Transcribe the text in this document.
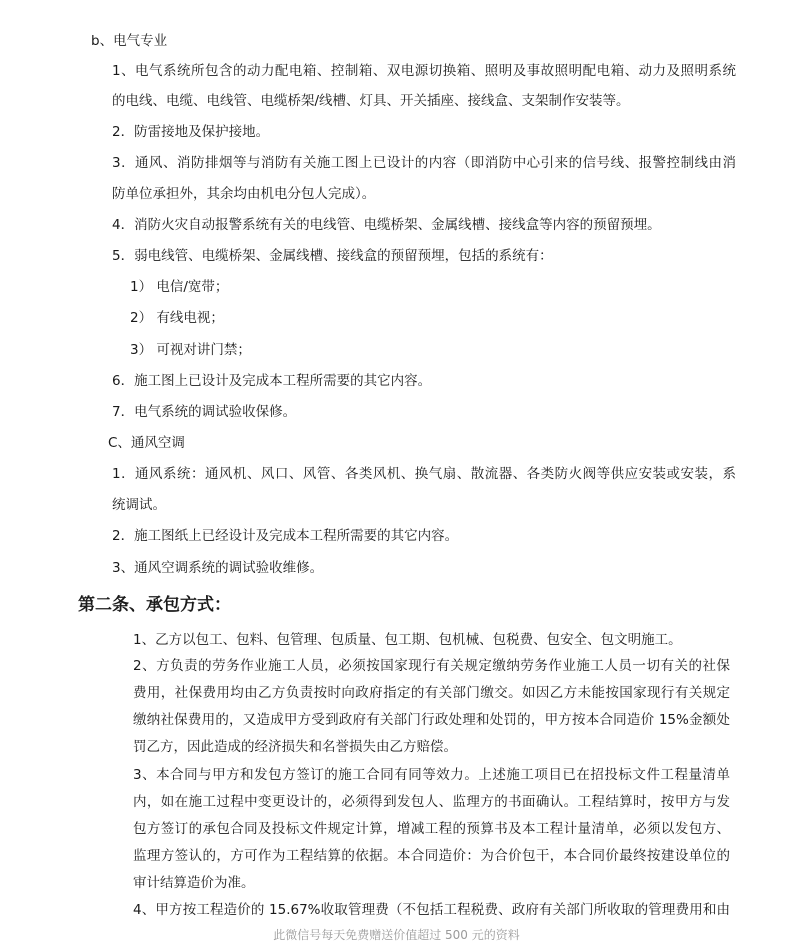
b、电气专业
1、电气系统所包含的动力配电箱、控制箱、双电源切换箱、照明及事故照明配电箱、动力及照明系统
的电线、电缆、电线管、电缆桥架/线槽、灯具、开关插座、接线盒、支架制作安装等。
2．防雷接地及保护接地。
3．通风、消防排烟等与消防有关施工图上已设计的内容（即消防中心引来的信号线、报警控制线由消
防单位承担外，其余均由机电分包人完成）。
4．消防火灾自动报警系统有关的电线管、电缆桥架、金属线槽、接线盒等内容的预留预埋。
5．弱电线管、电缆桥架、金属线槽、接线盒的预留预埋，包括的系统有：
1） 电信/宽带；
2） 有线电视；
3） 可视对讲门禁；
6．施工图上已设计及完成本工程所需要的其它内容。
7．电气系统的调试验收保修。
C、通风空调
1．通风系统：通风机、风口、风管、各类风机、换气扇、散流器、各类防火阀等供应安装或安装，系
统调试。
2．施工图纸上已经设计及完成本工程所需要的其它内容。
3、通风空调系统的调试验收维修。
第二条、承包方式：
1、乙方以包工、包料、包管理、包质量、包工期、包机械、包税费、包安全、包文明施工。
2、方负责的劳务作业施工人员，必须按国家现行有关规定缴纳劳务作业施工人员一切有关的社保
费用，社保费用均由乙方负责按时向政府指定的有关部门缴交。如因乙方未能按国家现行有关规定
缴纳社保费用的，又造成甲方受到政府有关部门行政处理和处罚的，甲方按本合同造价 15%金额处
罚乙方，因此造成的经济损失和名誉损失由乙方赔偿。
3、本合同与甲方和发包方签订的施工合同有同等效力。上述施工项目已在招投标文件工程量清单
内，如在施工过程中变更设计的，必须得到发包人、监理方的书面确认。工程结算时，按甲方与发
包方签订的承包合同及投标文件规定计算，增减工程的预算书及本工程计量清单，必须以发包方、
监理方签认的，方可作为工程结算的依据。本合同造价：为合价包干，本合同价最终按建设单位的
审计结算造价为准。
4、甲方按工程造价的 15.67%收取管理费（不包括工程税费、政府有关部门所收取的管理费用和由
此微信号每天免费赠送价值超过 500 元的资料
